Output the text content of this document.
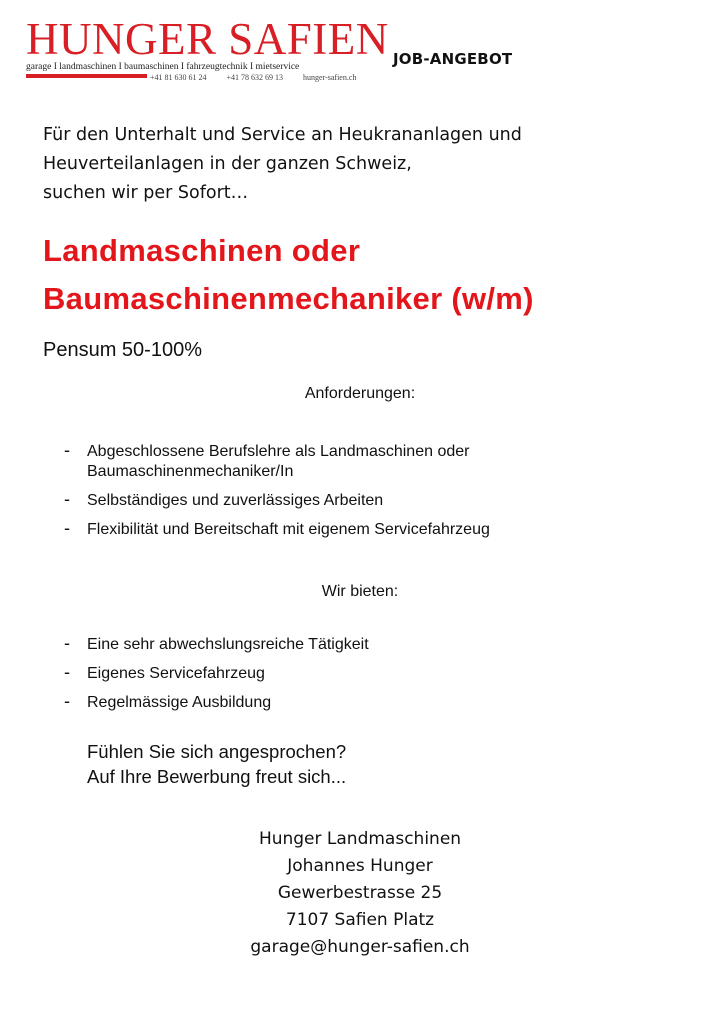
HUNGER SAFIEN
garage I landmaschinen I baumaschinen I fahrzeugtechnik I mietservice
+41 81 630 61 24	+41 78 632 69 13	hunger-safien.ch
JOB-ANGEBOT
Für den Unterhalt und Service an Heukrananlagen und
Heuverteilanlagen in der ganzen Schweiz,
suchen wir per Sofort…
Landmaschinen oder
Baumaschinenmechaniker (w/m)
Pensum 50-100%
Anforderungen:
- Abgeschlossene Berufslehre als Landmaschinen oder Baumaschinenmechaniker/In
- Selbständiges und zuverlässiges Arbeiten
- Flexibilität und Bereitschaft mit eigenem Servicefahrzeug
Wir bieten:
- Eine sehr abwechslungsreiche Tätigkeit
- Eigenes Servicefahrzeug
- Regelmässige Ausbildung
Fühlen Sie sich angesprochen?
Auf Ihre Bewerbung freut sich...
Hunger Landmaschinen
Johannes Hunger
Gewerbestrasse 25
7107 Safien Platz
garage@hunger-safien.ch
